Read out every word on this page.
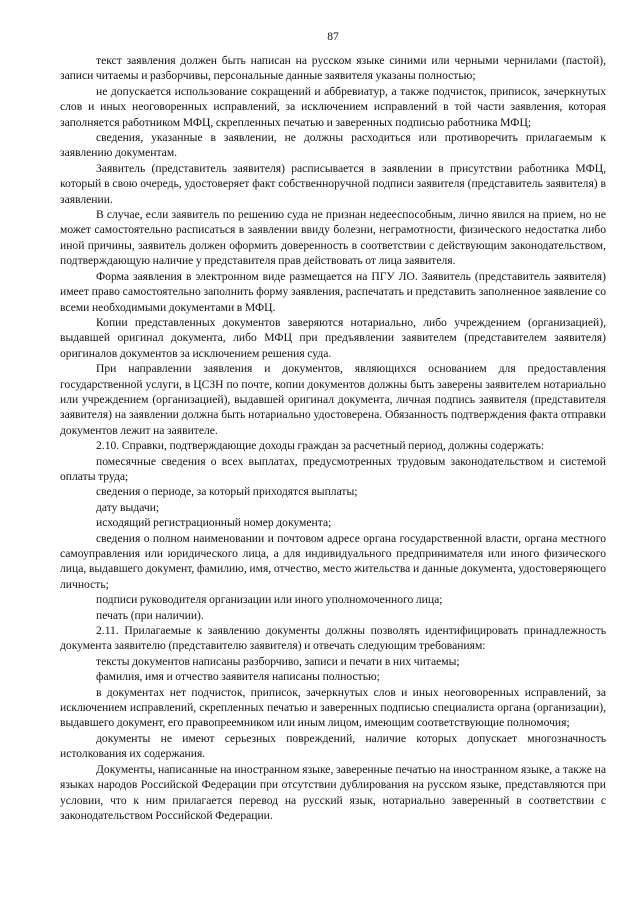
87

текст заявления должен быть написан на русском языке синими или черными чернилами (пастой), записи читаемы и разборчивы, персональные данные заявителя указаны полностью;

не допускается использование сокращений и аббревиатур, а также подчисток, приписок, зачеркнутых слов и иных неоговоренных исправлений, за исключением исправлений в той части заявления, которая заполняется работником МФЦ, скрепленных печатью и заверенных подписью работника МФЦ;

сведения, указанные в заявлении, не должны расходиться или противоречить прилагаемым к заявлению документам.

Заявитель (представитель заявителя) расписывается в заявлении в присутствии работника МФЦ, который в свою очередь, удостоверяет факт собственноручной подписи заявителя (представитель заявителя) в заявлении.

В случае, если заявитель по решению суда не признан недееспособным, лично явился на прием, но не может самостоятельно расписаться в заявлении ввиду болезни, неграмотности, физического недостатка либо иной причины, заявитель должен оформить доверенность в соответствии с действующим законодательством, подтверждающую наличие у представителя прав действовать от лица заявителя.

Форма заявления в электронном виде размещается на ПГУ ЛО. Заявитель (представитель заявителя) имеет право самостоятельно заполнить форму заявления, распечатать и представить заполненное заявление со всеми необходимыми документами в МФЦ.

Копии представленных документов заверяются нотариально, либо учреждением (организацией), выдавшей оригинал документа, либо МФЦ при предъявлении заявителем (представителем заявителя) оригиналов документов за исключением решения суда.

При направлении заявления и документов, являющихся основанием для предоставления государственной услуги, в ЦСЗН по почте, копии документов должны быть заверены заявителем нотариально или учреждением (организацией), выдавшей оригинал документа, личная подпись заявителя (представителя заявителя) на заявлении должна быть нотариально удостоверена. Обязанность подтверждения факта отправки документов лежит на заявителе.

2.10. Справки, подтверждающие доходы граждан за расчетный период, должны содержать:

помесячные сведения о всех выплатах, предусмотренных трудовым законодательством и системой оплаты труда;

сведения о периоде, за который приходятся выплаты;

дату выдачи;

исходящий регистрационный номер документа;

сведения о полном наименовании и почтовом адресе органа государственной власти, органа местного самоуправления или юридического лица, а для индивидуального предпринимателя или иного физического лица, выдавшего документ, фамилию, имя, отчество, место жительства и данные документа, удостоверяющего личность;

подписи руководителя организации или иного уполномоченного лица;

печать (при наличии).

2.11. Прилагаемые к заявлению документы должны позволять идентифицировать принадлежность документа заявителю (представителю заявителя) и отвечать следующим требованиям:

тексты документов написаны разборчиво, записи и печати в них читаемы;

фамилия, имя и отчество заявителя написаны полностью;

в документах нет подчисток, приписок, зачеркнутых слов и иных неоговоренных исправлений, за исключением исправлений, скрепленных печатью и заверенных подписью специалиста органа (организации), выдавшего документ, его правопреемником или иным лицом, имеющим соответствующие полномочия;

документы не имеют серьезных повреждений, наличие которых допускает многозначность истолкования их содержания.

Документы, написанные на иностранном языке, заверенные печатью на иностранном языке, а также на языках народов Российской Федерации при отсутствии дублирования на русском языке, представляются при условии, что к ним прилагается перевод на русский язык, нотариально заверенный в соответствии с законодательством Российской Федерации.
